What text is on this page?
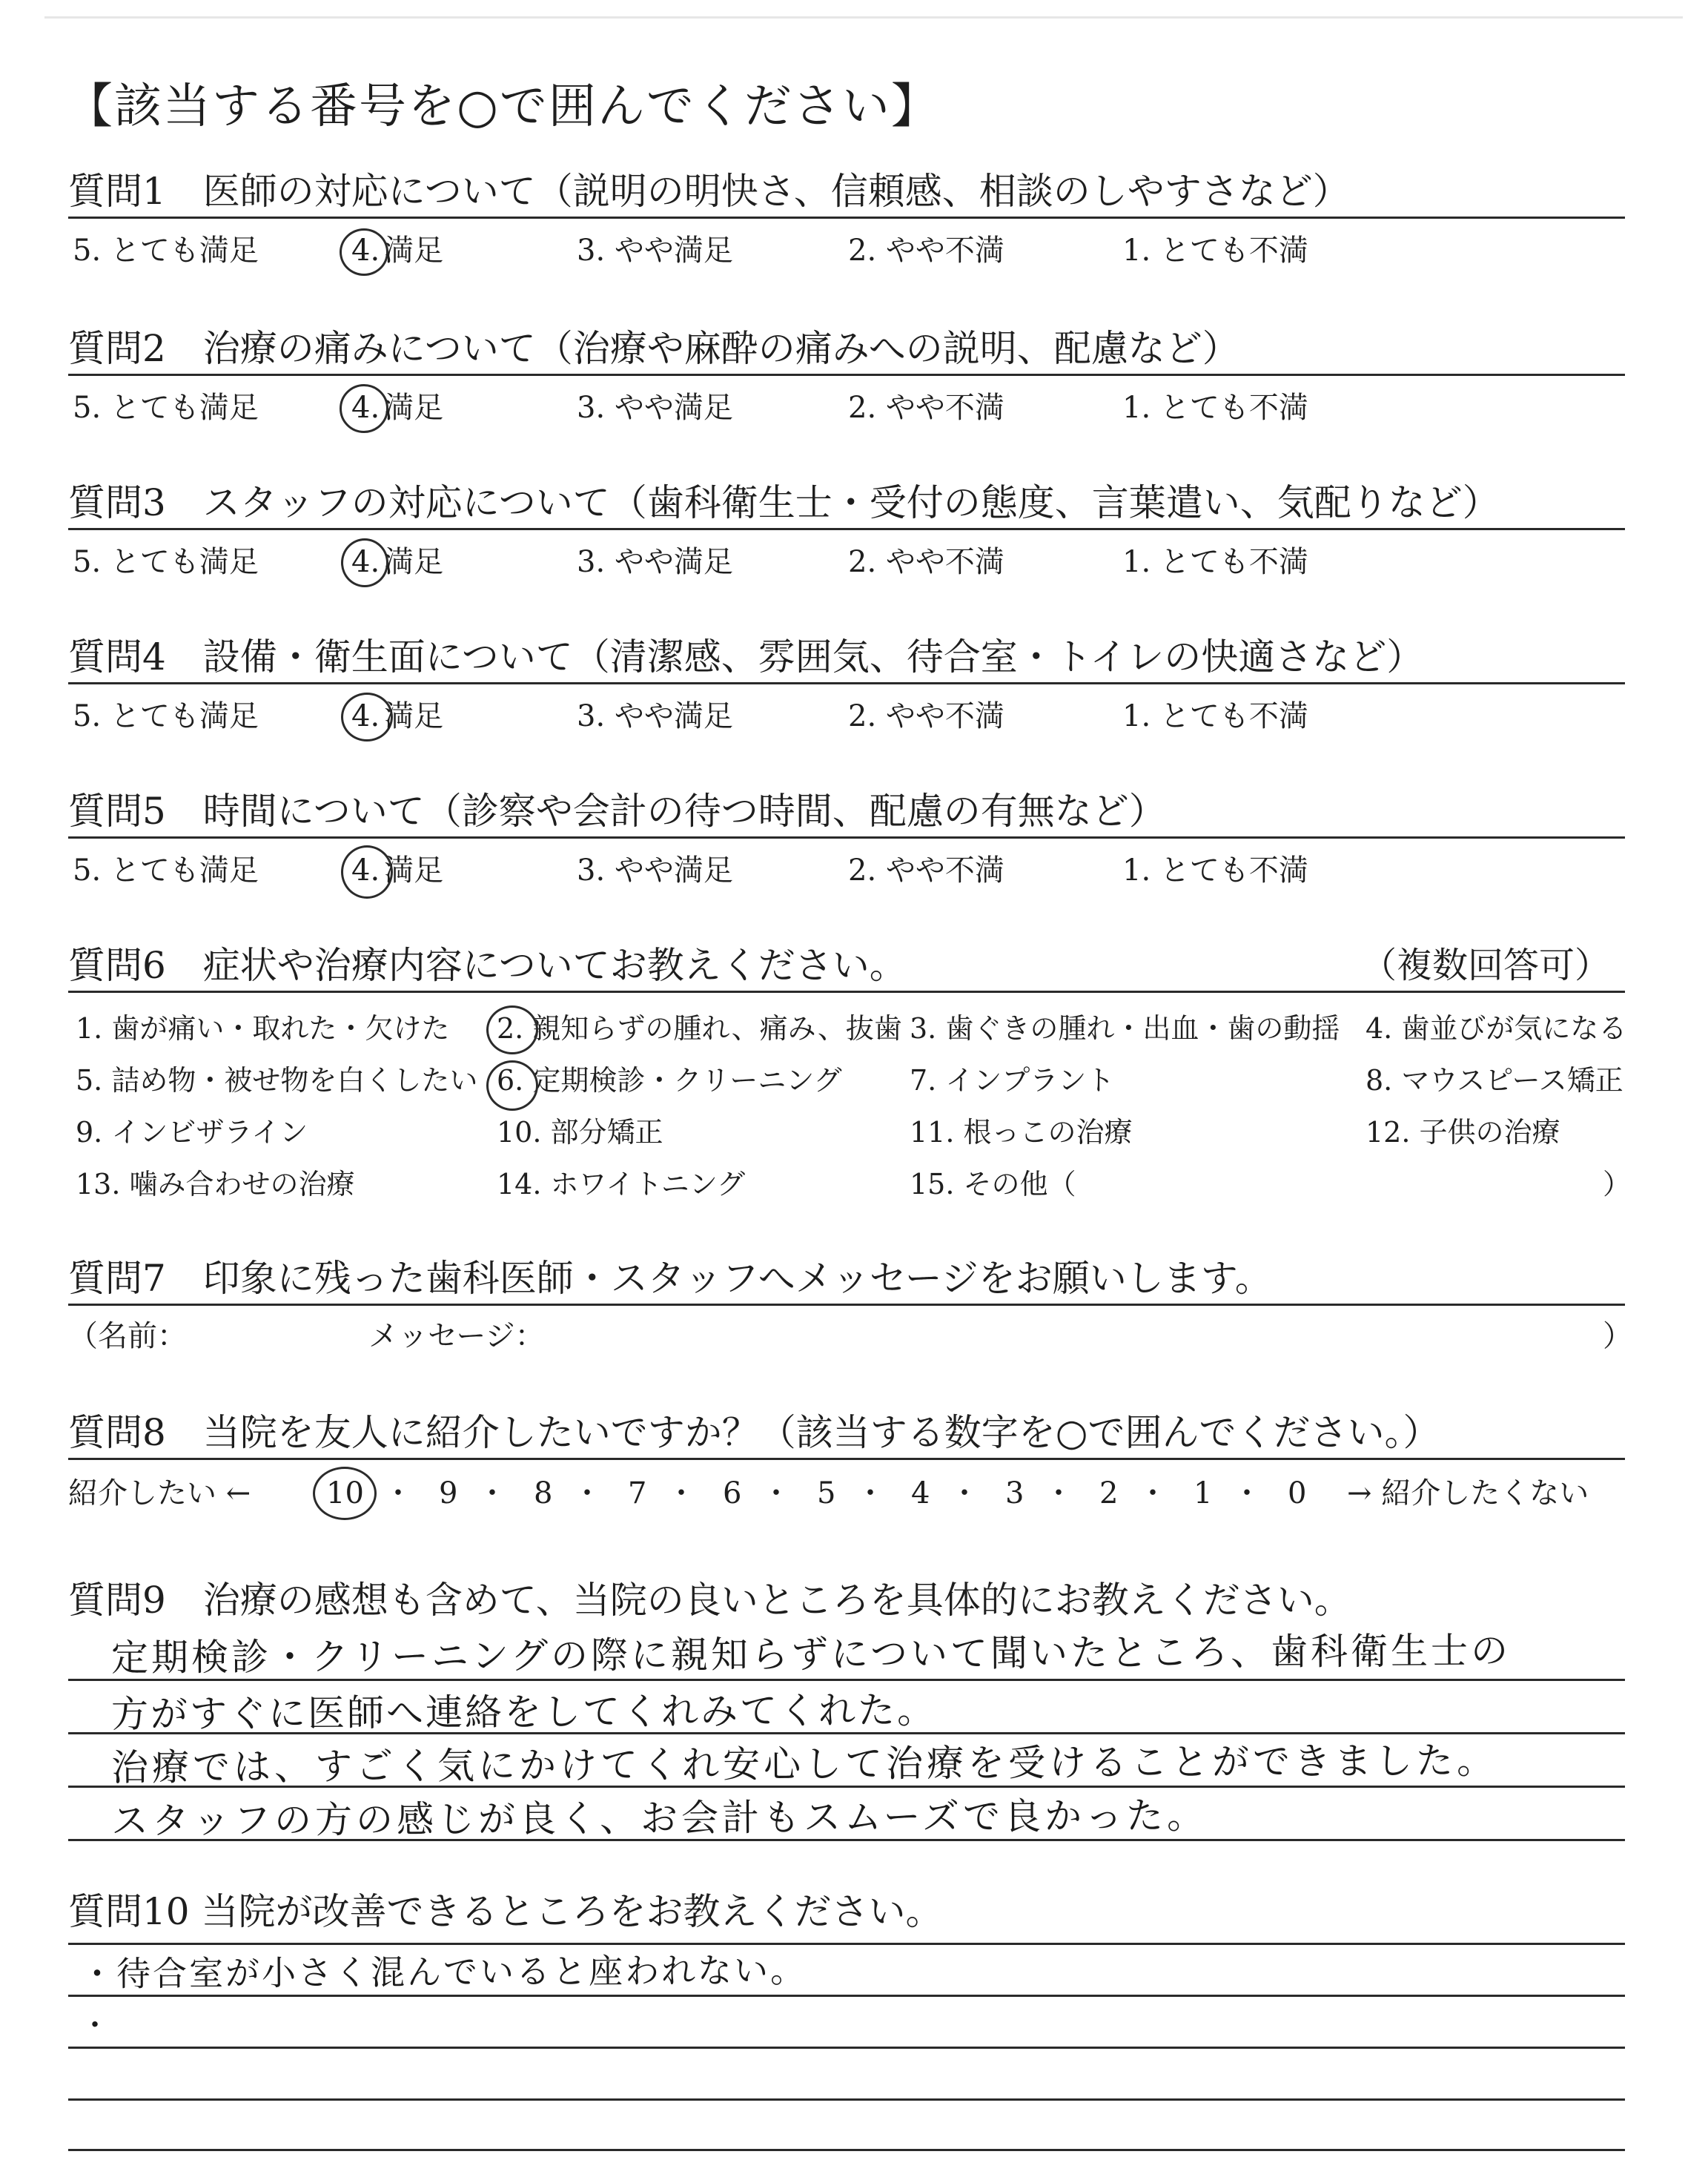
【該当する番号を○で囲んでください】
質問1　医師の対応について（説明の明快さ、信頼感、相談のしやすさなど）
5. とても満足	4. 満足	3. やや満足	2. やや不満	1. とても不満
質問2　治療の痛みについて（治療や麻酔の痛みへの説明、配慮など）
5. とても満足	4. 満足	3. やや満足	2. やや不満	1. とても不満
質問3　スタッフの対応について（歯科衛生士・受付の態度、言葉遣い、気配りなど）
5. とても満足	4. 満足	3. やや満足	2. やや不満	1. とても不満
質問4　設備・衛生面について（清潔感、雰囲気、待合室・トイレの快適さなど）
5. とても満足	4. 満足	3. やや満足	2. やや不満	1. とても不満
質問5　時間について（診察や会計の待つ時間、配慮の有無など）
5. とても満足	4. 満足	3. やや満足	2. やや不満	1. とても不満
質問6　症状や治療内容についてお教えください。	（複数回答可）
1. 歯が痛い・取れた・欠けた 2. 親知らずの腫れ、痛み、抜歯 3. 歯ぐきの腫れ・出血・歯の動揺 4. 歯並びが気になる
5. 詰め物・被せ物を白くしたい 6. 定期検診・クリーニング 7. インプラント	8. マウスピース矯正
9. インビザライン	10. 部分矯正	11. 根っこの治療	12. 子供の治療
13. 噛み合わせの治療	14. ホワイトニング	15. その他（	）
質問7　印象に残った歯科医師・スタッフへメッセージをお願いします。
（名前：	メッセージ：	）
質問8　当院を友人に紹介したいですか？（該当する数字を○で囲んでください。）
紹介したい ←	10 ・ 9 ・ 8 ・ 7 ・ 6 ・ 5 ・ 4 ・ 3 ・ 2 ・ 1 ・ 0 → 紹介したくない
質問9　治療の感想も含めて、当院の良いところを具体的にお教えください。
定期検診・クリーニングの際に親知らずについて聞いたところ、歯科衛生士の
方がすぐに医師へ連絡をしてくれみてくれた。
治療では、すごく気にかけてくれ安心して治療を受けることができました。
スタッフの方の感じが良く、お会計もスムーズで良かった。
質問10 当院が改善できるところをお教えください。
・待合室が小さく混んでいると座われない。
・
